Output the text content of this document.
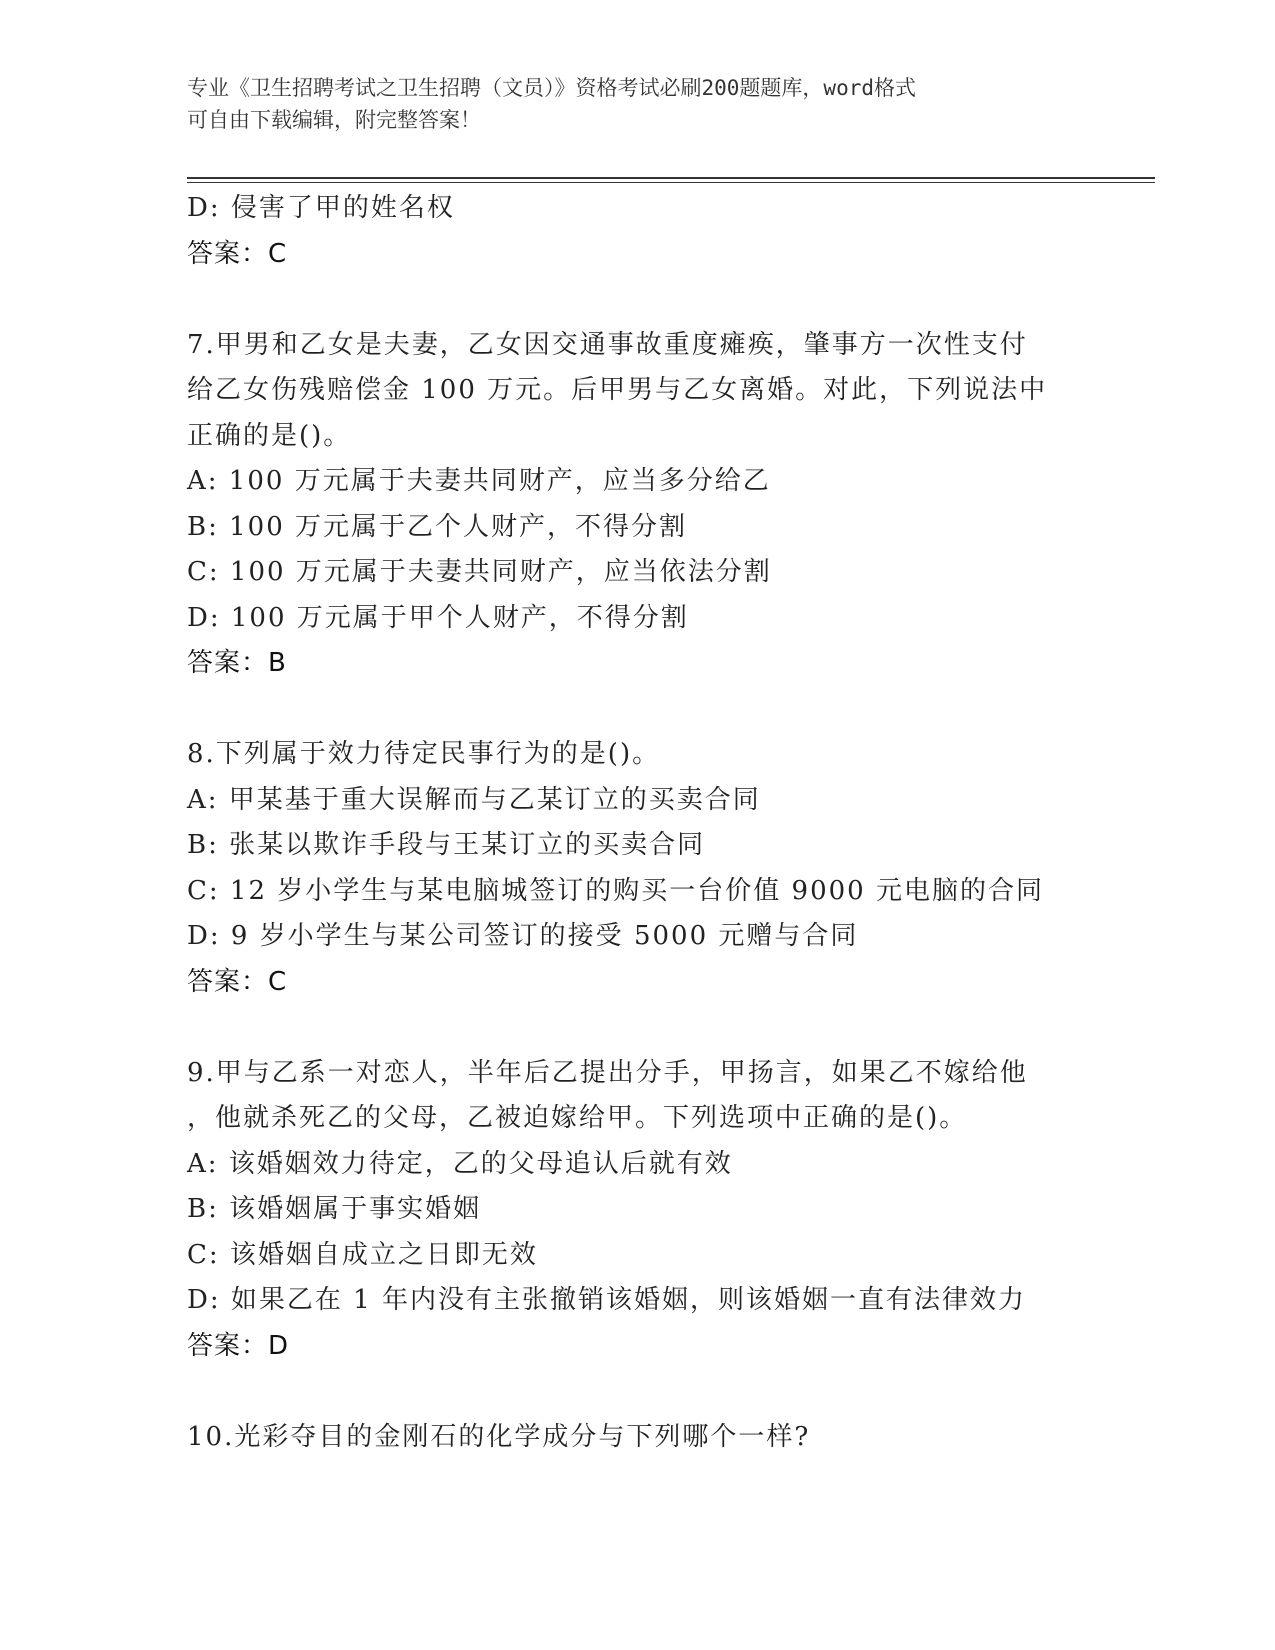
专业《卫生招聘考试之卫生招聘（文员）》资格考试必刷200题题库，word格式
可自由下载编辑，附完整答案！
D: 侵害了甲的姓名权
答案：C
7.甲男和乙女是夫妻，乙女因交通事故重度瘫痪，肇事方一次性支付
给乙女伤残赔偿金 100 万元。后甲男与乙女离婚。对此，下列说法中
正确的是()。
A: 100 万元属于夫妻共同财产，应当多分给乙
B: 100 万元属于乙个人财产，不得分割
C: 100 万元属于夫妻共同财产，应当依法分割
D: 100 万元属于甲个人财产，不得分割
答案：B
8.下列属于效力待定民事行为的是()。
A: 甲某基于重大误解而与乙某订立的买卖合同
B: 张某以欺诈手段与王某订立的买卖合同
C: 12 岁小学生与某电脑城签订的购买一台价值 9000 元电脑的合同
D: 9 岁小学生与某公司签订的接受 5000 元赠与合同
答案：C
9.甲与乙系一对恋人，半年后乙提出分手，甲扬言，如果乙不嫁给他
，他就杀死乙的父母，乙被迫嫁给甲。下列选项中正确的是()。
A: 该婚姻效力待定，乙的父母追认后就有效
B: 该婚姻属于事实婚姻
C: 该婚姻自成立之日即无效
D: 如果乙在 1 年内没有主张撤销该婚姻，则该婚姻一直有法律效力
答案：D
10.光彩夺目的金刚石的化学成分与下列哪个一样?
